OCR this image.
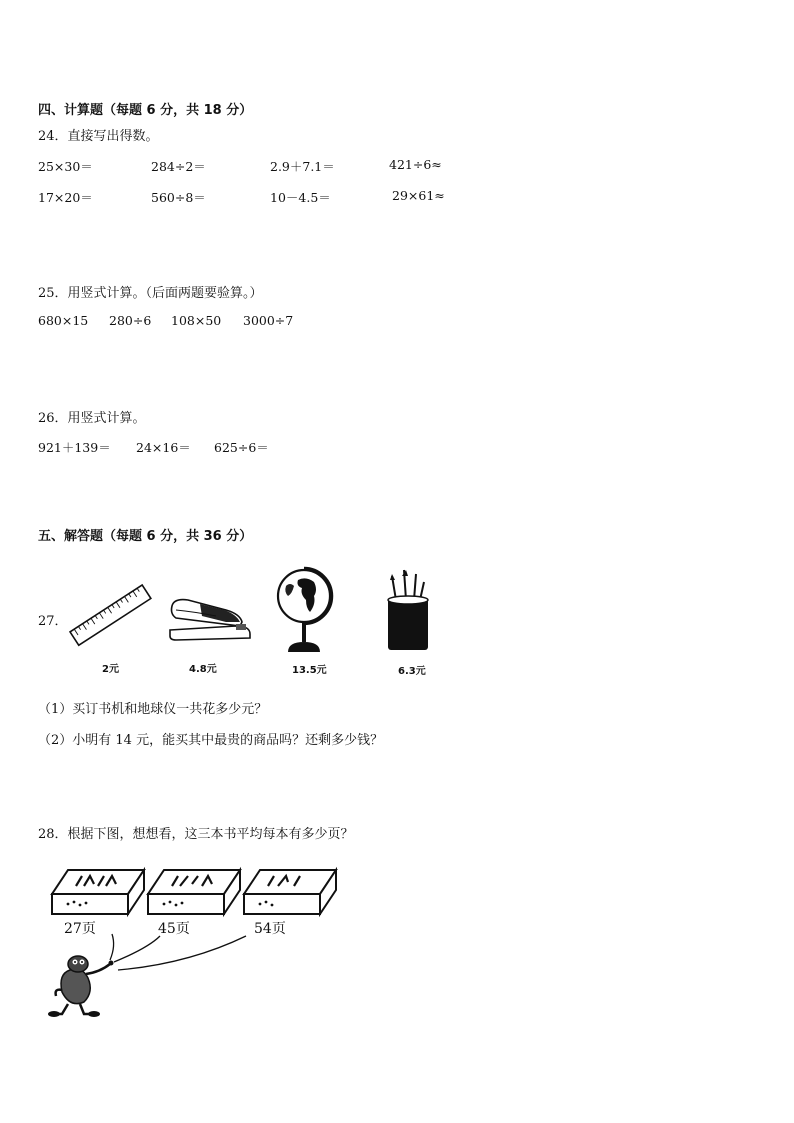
四、计算题（每题 6 分，共 18 分）
24．直接写出得数。
25×30＝	284÷2＝	2.9＋7.1＝	421÷6≈
17×20＝	560÷8＝	10－4.5＝	29×61≈
25．用竖式计算。（后面两题要验算。）
680×15 280÷6 108×50 3000÷7
26．用竖式计算。
921＋139＝ 24×16＝ 625÷6＝
五、解答题（每题 6 分，共 36 分）
27．
2元	4.8元	13.5元	6.3元
（1）买订书机和地球仪一共花多少元？
（2）小明有 14 元，能买其中最贵的商品吗？还剩多少钱？
28．根据下图，想想看，这三本书平均每本有多少页？
27页	45页	54页
